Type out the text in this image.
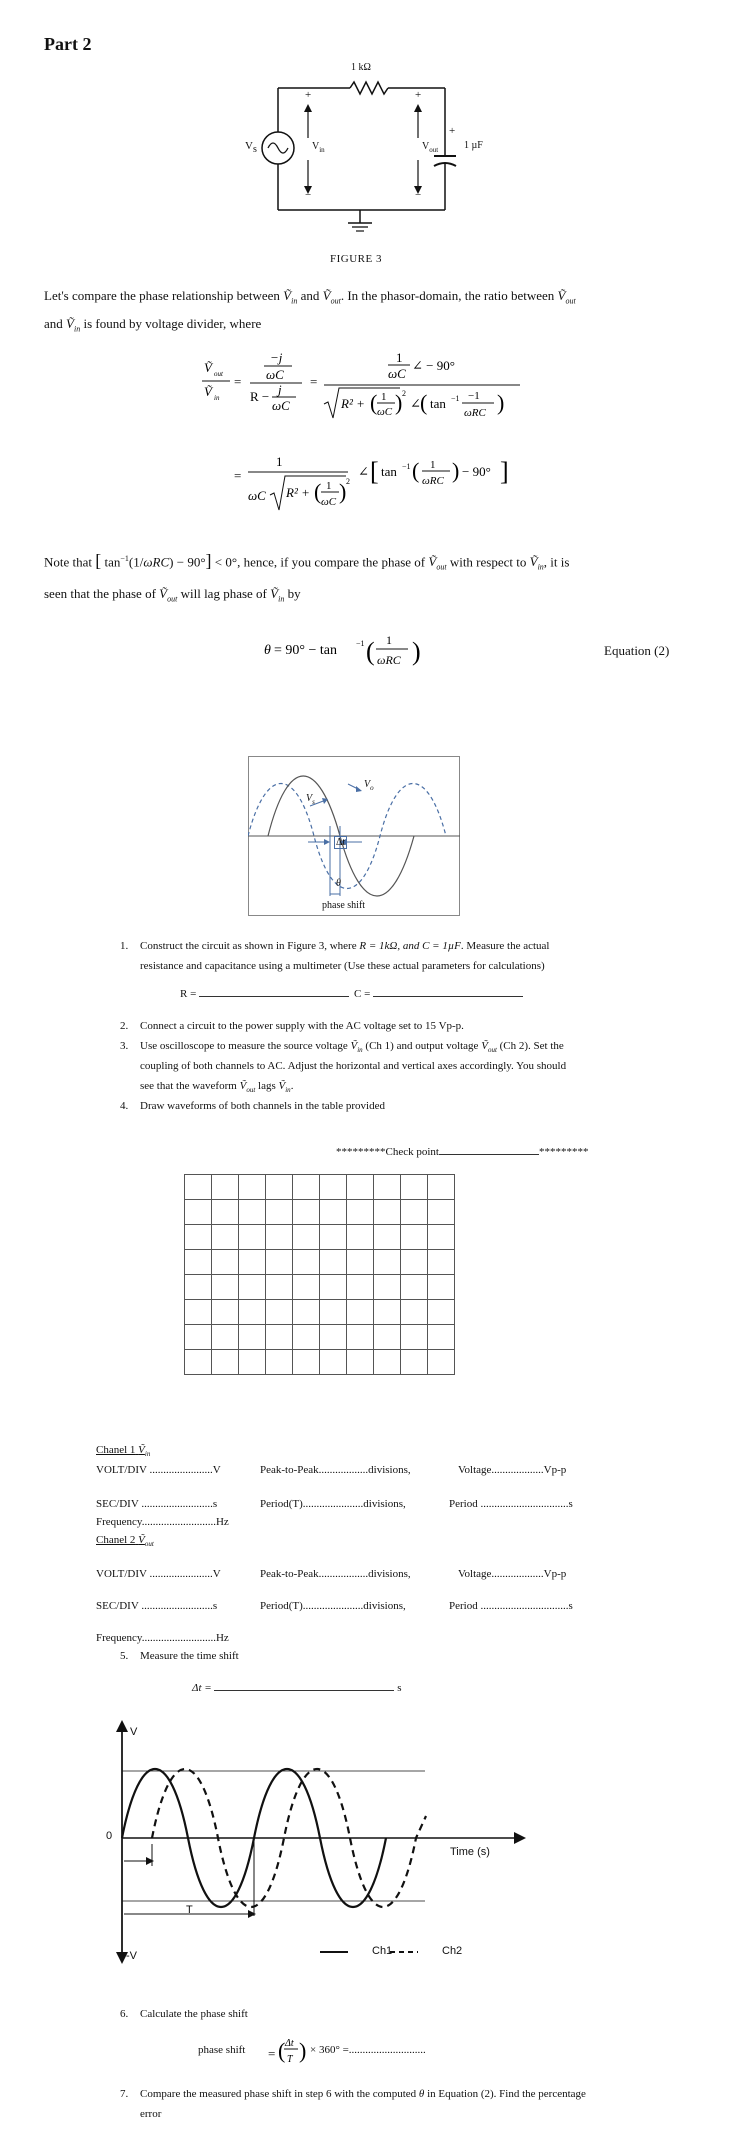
Part 2
1 kΩ
1 µF
$V_s$	$V_{in}$	$V_{out}$
+
−
+
−
+
FIGURE 3
Let's compare the phase relationship between Ṽ$_{in}$ and Ṽ$_{out}$. In the phasor-domain, the ratio between Ṽ$_{out}$
and Ṽ$_{in}$ is found by voltage divider, where
Ṽ out
Ṽ in
=
−j
ωC
R − j
ωC
=
1
ωC
∠ − 90°
R² + ( 1
ωC ) 2
∠ ( tan −1 −1
ωRC )
=
1
ωC R² + ( 1
ωC ) 2
∠ [ tan −1 ( 1
ωRC ) − 90° ]
Note that [ $\tan^{-1}(1/\omega RC) - 90^\circ] < 0^\circ$, hence, if you compare the phase of Ṽ$_{out}$ with respect to Ṽ$_{in}$, it is
seen that the phase of Ṽ$_{out}$ will lag phase of Ṽ$_{in}$ by
θ = 90° − tan −1 ( 1
ωRC )	Equation (2)
$V_s$
$V_o$
Δt
θ
phase shift
1. Construct the circuit as shown in Figure 3, where R = 1kΩ, and C = 1µF. Measure the actual
resistance and capacitance using a multimeter (Use these actual parameters for calculations)
R =	C =
2. Connect a circuit to the power supply with the AC voltage set to 15 Vp-p.
3. Use oscilloscope to measure the source voltage Ṽ$_{in}$ (Ch 1) and output voltage Ṽ$_{out}$ (Ch 2). Set the
coupling of both channels to AC. Adjust the horizontal and vertical axes accordingly. You should
see that the waveform Ṽ$_{out}$ lags Ṽ$_{in}$.
4. Draw waveforms of both channels in the table provided
*********Check point	*********

Chanel 1 Ṽ$_{in}$
VOLT/DIV .......................V	Peak-to-Peak..................divisions,	Voltage...................Vp-p
SEC/DIV ..........................s	Period(T)......................divisions,	Period ................................s
Frequency...........................Hz
Chanel 2 Ṽ$_{out}$
VOLT/DIV .......................V	Peak-to-Peak..................divisions,	Voltage...................Vp-p
SEC/DIV ..........................s	Period(T)......................divisions,	Period ................................s
Frequency...........................Hz
5. Measure the time shift
Δt =	s
V
-V
0
Time (s)
T
Ch1	Ch2
6. Calculate the phase shift
phase shift = ( Δt
T ) × 360° =............................
7. Compare the measured phase shift in step 6 with the computed θ in Equation (2). Find the percentage
error
